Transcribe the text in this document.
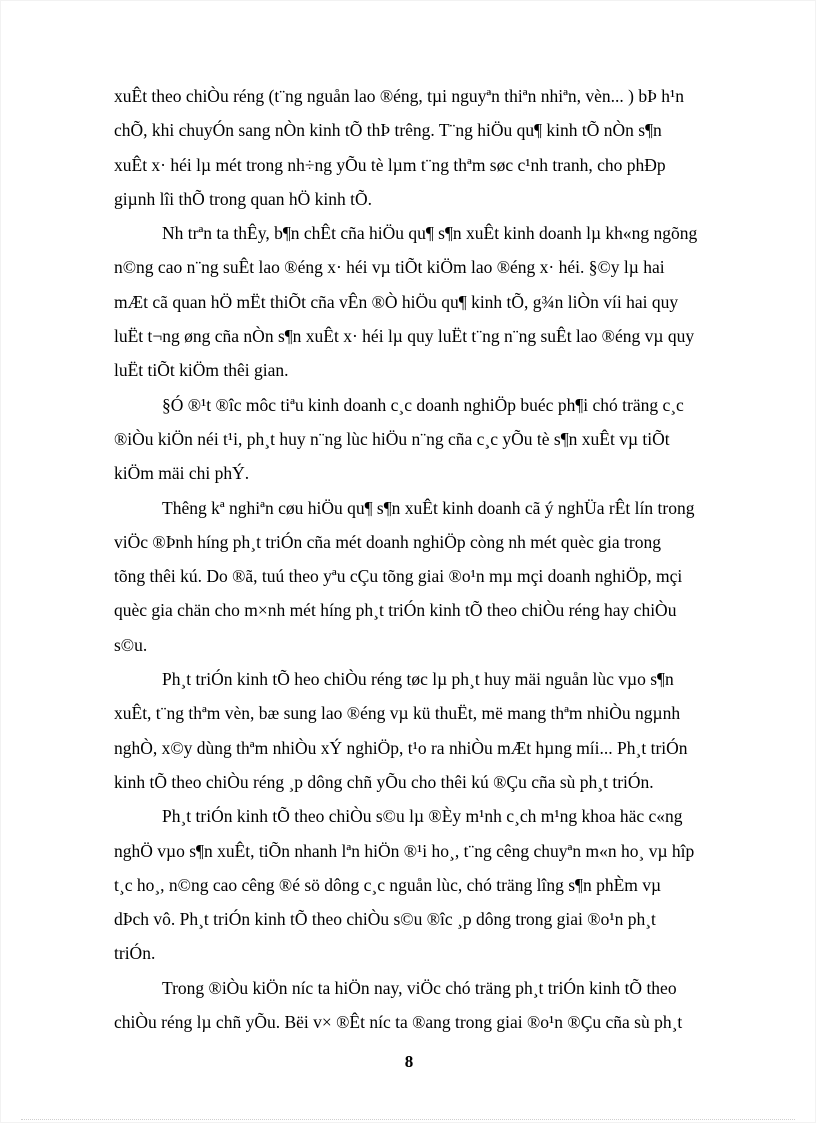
xuÊt theo chiÒu réng (t¨ng nguån lao ®éng, tµi nguyªn thiªn nhiªn, vèn... ) bÞ h¹n
chÕ, khi chuyÓn sang nÒn kinh tÕ thÞ trêng. T¨ng hiÖu qu¶ kinh tÕ nÒn s¶n
xuÊt x· héi lµ mét trong nh÷ng yÕu tè lµm t¨ng thªm søc c¹nh tranh, cho phÐp
giµnh lîi thÕ trong quan hÖ kinh tÕ.

Nh trªn ta thÊy, b¶n chÊt cña hiÖu qu¶ s¶n xuÊt kinh doanh lµ kh«ng ngõng
n©ng cao n¨ng suÊt lao ®éng x· héi vµ tiÕt kiÖm lao ®éng x· héi. §©y lµ hai
mÆt cã quan hÖ mËt thiÕt cña vÊn ®Ò hiÖu qu¶ kinh tÕ, g¾n liÒn víi hai quy
luËt t¬ng øng cña nÒn s¶n xuÊt x· héi lµ quy luËt t¨ng n¨ng suÊt lao ®éng vµ quy
luËt tiÕt kiÖm thêi gian.

§Ó ®¹t ®îc môc tiªu kinh doanh c¸c doanh nghiÖp buéc ph¶i chó träng c¸c
®iÒu kiÖn néi t¹i, ph¸t huy n¨ng lùc hiÖu n¨ng cña c¸c yÕu tè s¶n xuÊt vµ tiÕt
kiÖm mäi chi phÝ.

Thêng kª nghiªn cøu hiÖu qu¶ s¶n xuÊt kinh doanh cã ý nghÜa rÊt lín trong
viÖc ®Þnh híng ph¸t triÓn cña mét doanh nghiÖp còng nh mét quèc gia trong
tõng thêi kú. Do ®ã, tuú theo yªu cÇu tõng giai ®o¹n mµ mçi doanh nghiÖp, mçi
quèc gia chän cho m×nh mét híng ph¸t triÓn kinh tÕ theo chiÒu réng hay chiÒu
s©u.

Ph¸t triÓn kinh tÕ heo chiÒu réng tøc lµ ph¸t huy mäi nguån lùc vµo s¶n
xuÊt, t¨ng thªm vèn, bæ sung lao ®éng vµ kü thuËt, më mang thªm nhiÒu ngµnh
nghÒ, x©y dùng thªm nhiÒu xÝ nghiÖp, t¹o ra nhiÒu mÆt hµng míi... Ph¸t triÓn
kinh tÕ theo chiÒu réng ¸p dông chñ yÕu cho thêi kú ®Çu cña sù ph¸t triÓn.

Ph¸t triÓn kinh tÕ theo chiÒu s©u lµ ®Èy m¹nh c¸ch m¹ng khoa häc c«ng
nghÖ vµo s¶n xuÊt, tiÕn nhanh lªn hiÖn ®¹i ho¸, t¨ng cêng chuyªn m«n ho¸ vµ hîp
t¸c ho¸, n©ng cao cêng ®é sö dông c¸c nguån lùc, chó träng lîng s¶n phÈm vµ
dÞch vô. Ph¸t triÓn kinh tÕ theo chiÒu s©u ®îc ¸p dông trong giai ®o¹n ph¸t
triÓn.

Trong ®iÒu kiÖn níc ta hiÖn nay, viÖc chó träng ph¸t triÓn kinh tÕ theo
chiÒu réng lµ chñ yÕu. Bëi v× ®Êt níc ta ®ang trong giai ®o¹n ®Çu cña sù ph¸t

8
